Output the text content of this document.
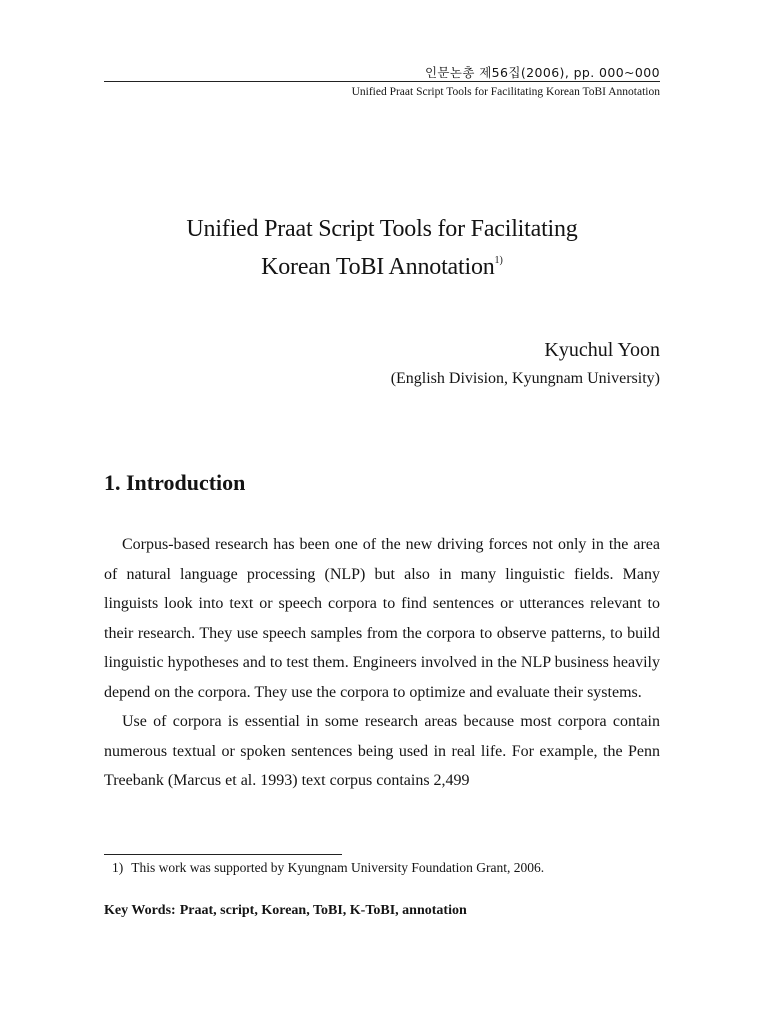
인문논총 제56집(2006), pp. 000~000
Unified Praat Script Tools for Facilitating Korean ToBI Annotation
Unified Praat Script Tools for Facilitating
Korean ToBI Annotation$^{1)}$
Kyuchul Yoon
(English Division, Kyungnam University)
1. Introduction

Corpus-based research has been one of the new driving forces not only in the area of natural language processing (NLP) but also in many linguistic fields. Many linguists look into text or speech corpora to find sentences or utterances relevant to their research. They use speech samples from the corpora to observe patterns, to build linguistic hypotheses and to test them. Engineers involved in the NLP business heavily depend on the corpora. They use the corpora to optimize and evaluate their systems.

Use of corpora is essential in some research areas because most corpora contain numerous textual or spoken sentences being used in real life. For example, the Penn Treebank (Marcus et al. 1993) text corpus contains 2,499

1) This work was supported by Kyungnam University Foundation Grant, 2006.
Key Words: Praat, script, Korean, ToBI, K-ToBI, annotation
